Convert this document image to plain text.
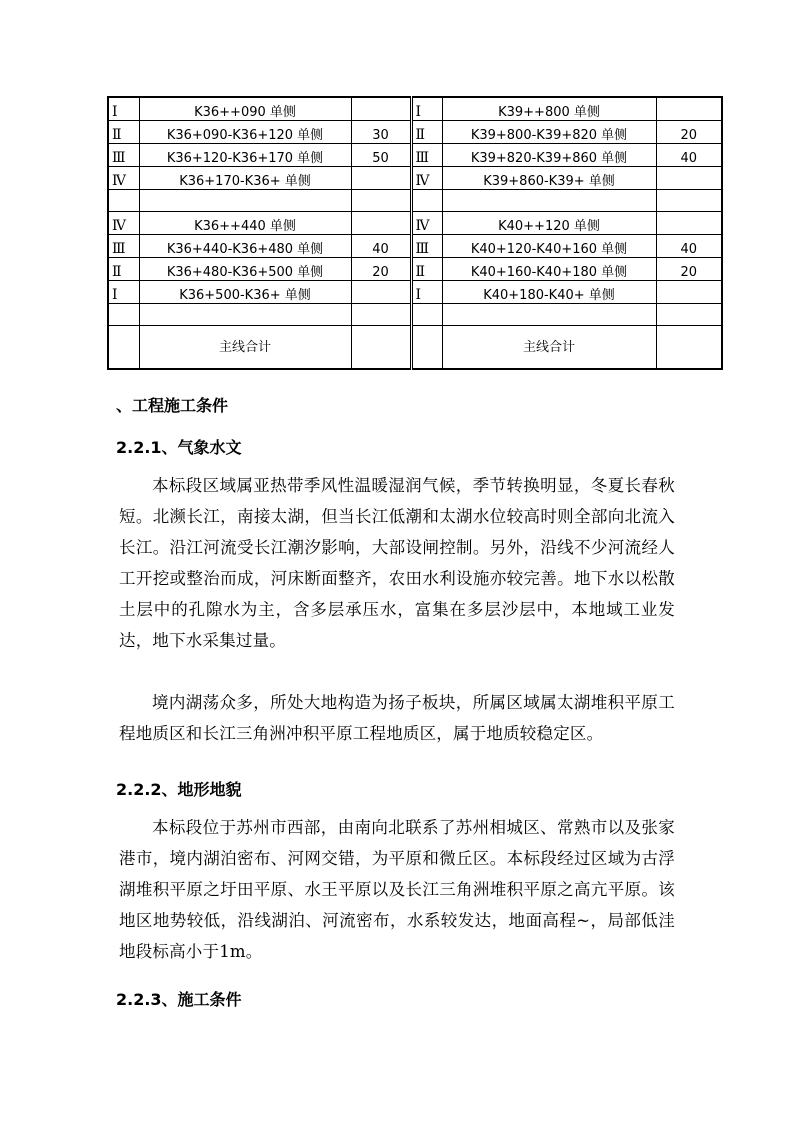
Ⅰ	K36++090 单侧		Ⅰ	K39++800 单侧	
Ⅱ	K36+090-K36+120 单侧	30	Ⅱ	K39+800-K39+820 单侧	20
Ⅲ	K36+120-K36+170 单侧	50	Ⅲ	K39+820-K39+860 单侧	40
Ⅳ	K36+170-K36+ 单侧		Ⅳ	K39+860-K39+ 单侧	

Ⅳ	K36++440 单侧		Ⅳ	K40++120 单侧	
Ⅲ	K36+440-K36+480 单侧	40	Ⅲ	K40+120-K40+160 单侧	40
Ⅱ	K36+480-K36+500 单侧	20	Ⅱ	K40+160-K40+180 单侧	20
Ⅰ	K36+500-K36+ 单侧		Ⅰ	K40+180-K40+ 单侧	

	主线合计			主线合计	
、工程施工条件
2.2.1、气象水文

本标段区域属亚热带季风性温暖湿润气候，季节转换明显，冬夏长春秋短。北濒长江，南接太湖，但当长江低潮和太湖水位较高时则全部向北流入长江。沿江河流受长江潮汐影响，大部设闸控制。另外，沿线不少河流经人工开挖或整治而成，河床断面整齐，农田水利设施亦较完善。地下水以松散土层中的孔隙水为主，含多层承压水，富集在多层沙层中，本地域工业发达，地下水采集过量。

境内湖荡众多，所处大地构造为扬子板块，所属区域属太湖堆积平原工程地质区和长江三角洲冲积平原工程地质区，属于地质较稳定区。

2.2.2、地形地貌

本标段位于苏州市西部，由南向北联系了苏州相城区、常熟市以及张家港市，境内湖泊密布、河网交错，为平原和微丘区。本标段经过区域为古浮湖堆积平原之圩田平原、水王平原以及长江三角洲堆积平原之高亢平原。该地区地势较低，沿线湖泊、河流密布，水系较发达，地面高程~，局部低洼地段标高小于1m。

2.2.3、施工条件
